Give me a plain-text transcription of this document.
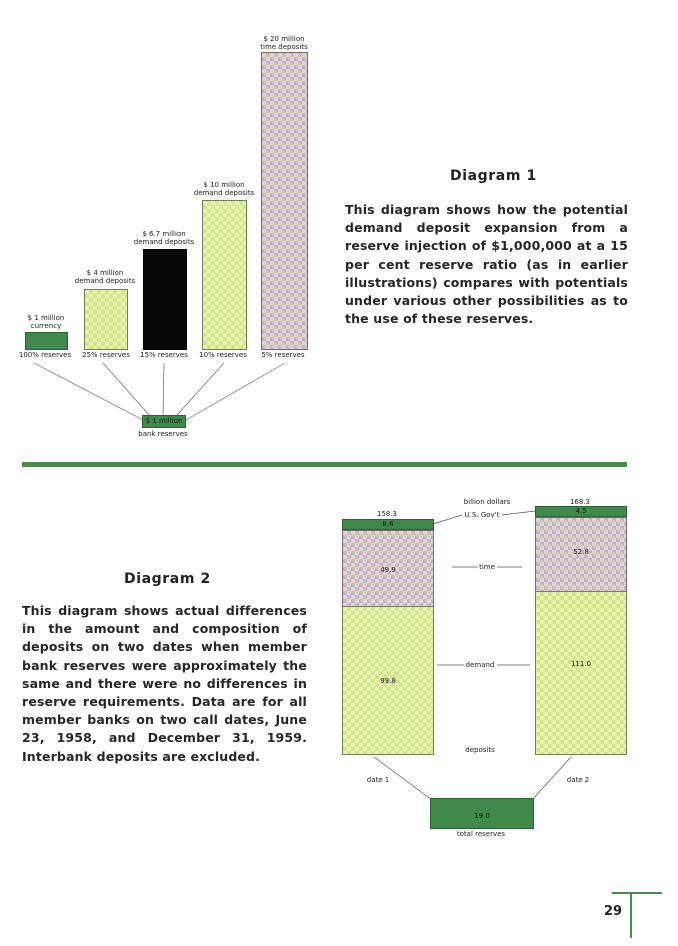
$ 1 million
currency
$ 4 million
demand deposits
$ 6.7 million
demand deposits
$ 10 million
demand deposits
$ 20 million
time deposits
100% reserves	25% reserves	15% reserves	10% reserves	5% reserves
$ 1 million
bank reserves
Diagram 1
This diagram shows how the potential demand deposit expansion from a reserve injection of $1,000,000 at a 15 per cent reserve ratio (as in earlier illustrations) compares with potentials under various other possibilities as to the use of these reserves.
Diagram 2
This diagram shows actual differences in the amount and composition of deposits on two dates when member bank reserves were approximately the same and there were no differences in reserve requirements. Data are for all member banks on two call dates, June 23, 1958, and December 31, 1959. Interbank deposits are excluded.
billion dollars
158.3
8.6
49.9
99.8
168.3
4.5
52.8
111.0
U.S. Gov't
time
demand
deposits
date 1	date 2
19.0
total reserves
29
